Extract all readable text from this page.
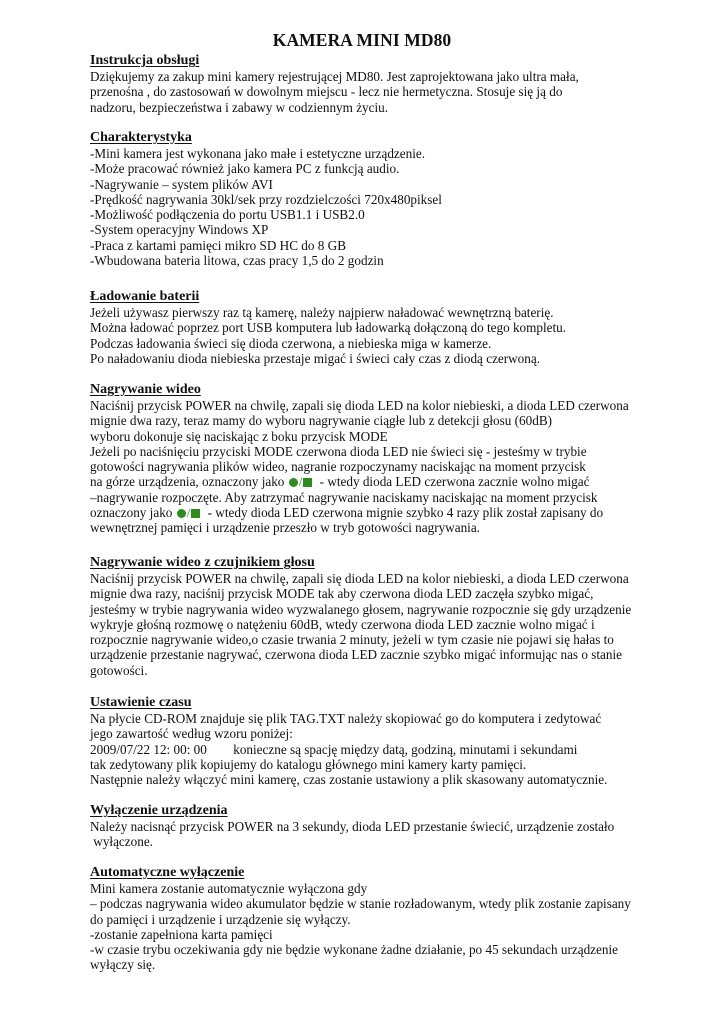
KAMERA MINI MD80
Instrukcja obsługi
Dziękujemy za zakup mini kamery rejestrującej MD80. Jest zaprojektowana jako ultra mała,
przenośna , do zastosowań w dowolnym miejscu - lecz nie hermetyczna. Stosuje się ją do
nadzoru, bezpieczeństwa i zabawy w codziennym życiu.
Charakterystyka
-Mini kamera jest wykonana jako małe i estetyczne urządzenie.
-Może pracować również jako kamera PC z funkcją audio.
-Nagrywanie – system plików AVI
-Prędkość nagrywania 30kl/sek przy rozdzielczości 720x480piksel
-Możliwość podłączenia do portu USB1.1 i USB2.0
-System operacyjny Windows XP
-Praca z kartami pamięci mikro SD HC do 8 GB
-Wbudowana bateria litowa, czas pracy 1,5 do 2 godzin
Ładowanie baterii
Jeżeli używasz pierwszy raz tą kamerę, należy najpierw naładować wewnętrzną baterię.
Można ładować poprzez port USB komputera lub ładowarką dołączoną do tego kompletu.
Podczas ładowania świeci się dioda czerwona, a niebieska miga w kamerze.
Po naładowaniu dioda niebieska przestaje migać i świeci cały czas z diodą czerwoną.
Nagrywanie wideo
Naciśnij przycisk POWER na chwilę, zapali się dioda LED na kolor niebieski, a dioda LED czerwona
mignie dwa razy, teraz mamy do wyboru nagrywanie ciągłe lub z detekcji głosu (60dB)
wyboru dokonuje się naciskając z boku przycisk MODE
Jeżeli po naciśnięciu przyciski MODE czerwona dioda LED nie świeci się - jesteśmy w trybie
gotowości nagrywania plików wideo, nagranie rozpoczynamy naciskając na moment przycisk
na górze urządzenia, oznaczony jako / - wtedy dioda LED czerwona zacznie wolno migać
–nagrywanie rozpoczęte. Aby zatrzymać nagrywanie naciskamy naciskając na moment przycisk
oznaczony jako / - wtedy dioda LED czerwona mignie szybko 4 razy plik został zapisany do
wewnętrznej pamięci i urządzenie przeszło w tryb gotowości nagrywania.
Nagrywanie wideo z czujnikiem głosu
Naciśnij przycisk POWER na chwilę, zapali się dioda LED na kolor niebieski, a dioda LED czerwona
mignie dwa razy, naciśnij przycisk MODE tak aby czerwona dioda LED zaczęła szybko migać,
jesteśmy w trybie nagrywania wideo wyzwalanego głosem, nagrywanie rozpocznie się gdy urządzenie
wykryje głośną rozmowę o natężeniu 60dB, wtedy czerwona dioda LED zacznie wolno migać i
rozpocznie nagrywanie wideo,o czasie trwania 2 minuty, jeżeli w tym czasie nie pojawi się hałas to
urządzenie przestanie nagrywać, czerwona dioda LED zacznie szybko migać informując nas o stanie
gotowości.
Ustawienie czasu
Na płycie CD-ROM znajduje się plik TAG.TXT należy skopiować go do komputera i zedytować
jego zawartość według wzoru poniżej:
2009/07/22 12: 00: 00        konieczne są spację między datą, godziną, minutami i sekundami
tak zedytowany plik kopiujemy do katalogu głównego mini kamery karty pamięci.
Następnie należy włączyć mini kamerę, czas zostanie ustawiony a plik skasowany automatycznie.
Wyłączenie urządzenia
Należy nacisnąć przycisk POWER na 3 sekundy, dioda LED przestanie świecić, urządzenie zostało
wyłączone.
Automatyczne wyłączenie
Mini kamera zostanie automatycznie wyłączona gdy
– podczas nagrywania wideo akumulator będzie w stanie rozładowanym, wtedy plik zostanie zapisany
do pamięci i urządzenie i urządzenie się wyłączy.
-zostanie zapełniona karta pamięci
-w czasie trybu oczekiwania gdy nie będzie wykonane żadne działanie, po 45 sekundach urządzenie
wyłączy się.
